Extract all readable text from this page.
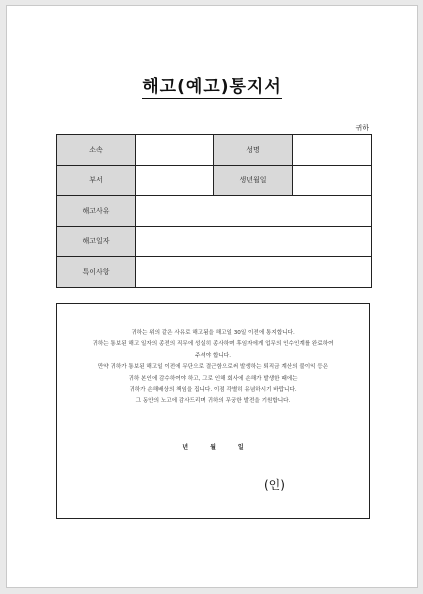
해고(예고)통지서
귀하
소속		성명	
부서		생년월일	
해고사유			
해고일자			
특이사항			

귀하는 위의 같은 사유로 해고됨을 해고일 30일 이전에 통지합니다.

귀하는 통보된 해고 일자의 종전의 직무에 성실히 종사하며 후임자에게 업무의 인수인계를 완료하여

주셔야 합니다.

만약 귀하가 통보된 해고일 이전에 무단으로 결근함으로써 발생하는 퇴직금 계산의 불이익 등은

귀하 본인에 감수하여야 하고, 그로 인해 회사에 손해가 발생한 때에는

귀하가 손해배상의 책임을 집니다. 이점 각별히 유념하시기 바랍니다.

그 동안의 노고에 감사드리며 귀하의 무궁한 발전을 기원합니다.

년	월	일
(인)
